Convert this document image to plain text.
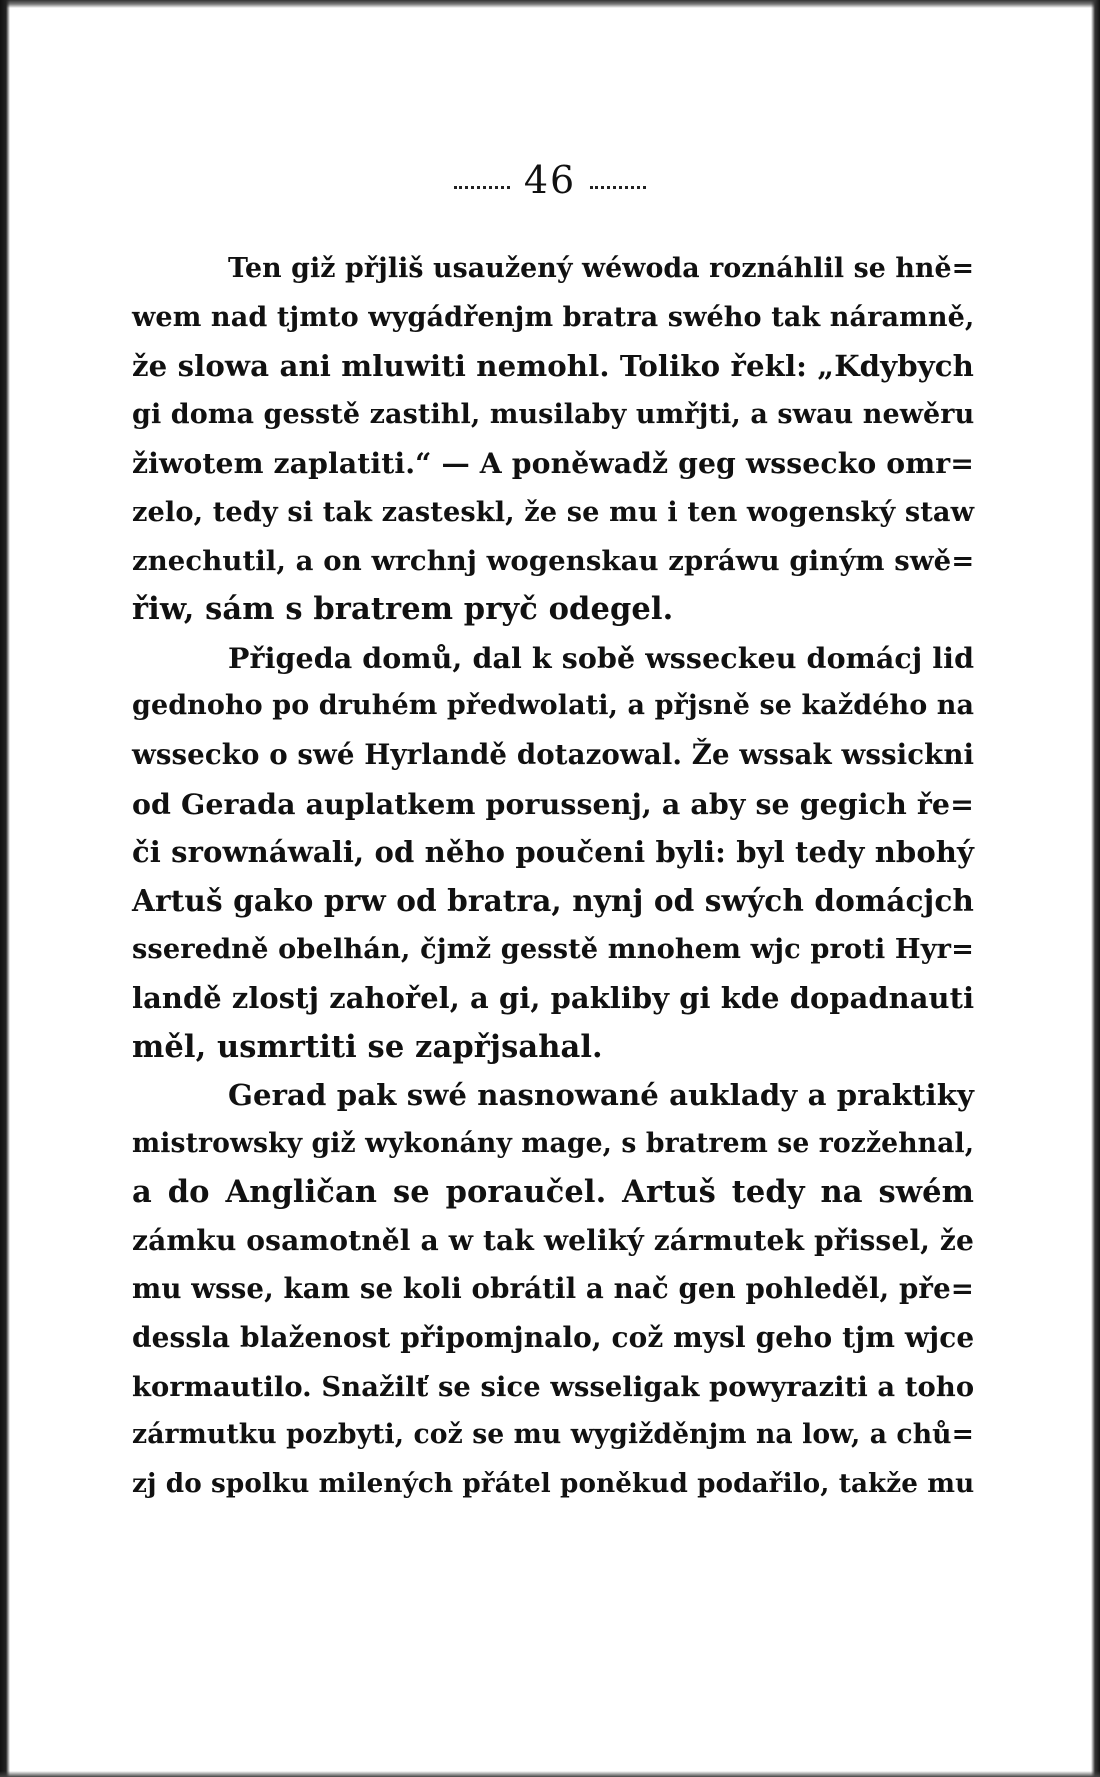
46
Ten giž přjliš usaužený wéwoda roznáhlil se hně=
wem nad tjmto wygádřenjm bratra swého tak náramně,
že slowa ani mluwiti nemohl. Toliko řekl: „Kdybych
gi doma gesstě zastihl, musilaby umřjti, a swau newěru
žiwotem zaplatiti.“ — A poněwadž geg wssecko omr=
zelo, tedy si tak zasteskl, že se mu i ten wogenský staw
znechutil, a on wrchnj wogenskau zpráwu giným swě=
řiw, sám s bratrem pryč odegel.
Přigeda domů, dal k sobě wsseckeu domácj lid
gednoho po druhém předwolati, a přjsně se každého na
wssecko o swé Hyrlandě dotazowal. Že wssak wssickni
od Gerada auplatkem porussenj, a aby se gegich ře=
či srownáwali, od něho poučeni byli: byl tedy nbohý
Artuš gako prw od bratra, nynj od swých domácjch
sseredně obelhán, čjmž gesstě mnohem wjc proti Hyr=
landě zlostj zahořel, a gi, pakliby gi kde dopadnauti
měl, usmrtiti se zapřjsahal.
Gerad pak swé nasnowané auklady a praktiky
mistrowsky giž wykonány mage, s bratrem se rozžehnal,
a do Angličan se poraučel. Artuš tedy na swém
zámku osamotněl a w tak weliký zármutek přissel, že
mu wsse, kam se koli obrátil a nač gen pohleděl, pře=
dessla blaženost připomjnalo, což mysl geho tjm wjce
kormautilo. Snažilť se sice wsseligak powyraziti a toho
zármutku pozbyti, což se mu wygižděnjm na low, a chů=
zj do spolku milených přátel poněkud podařilo, takže mu
